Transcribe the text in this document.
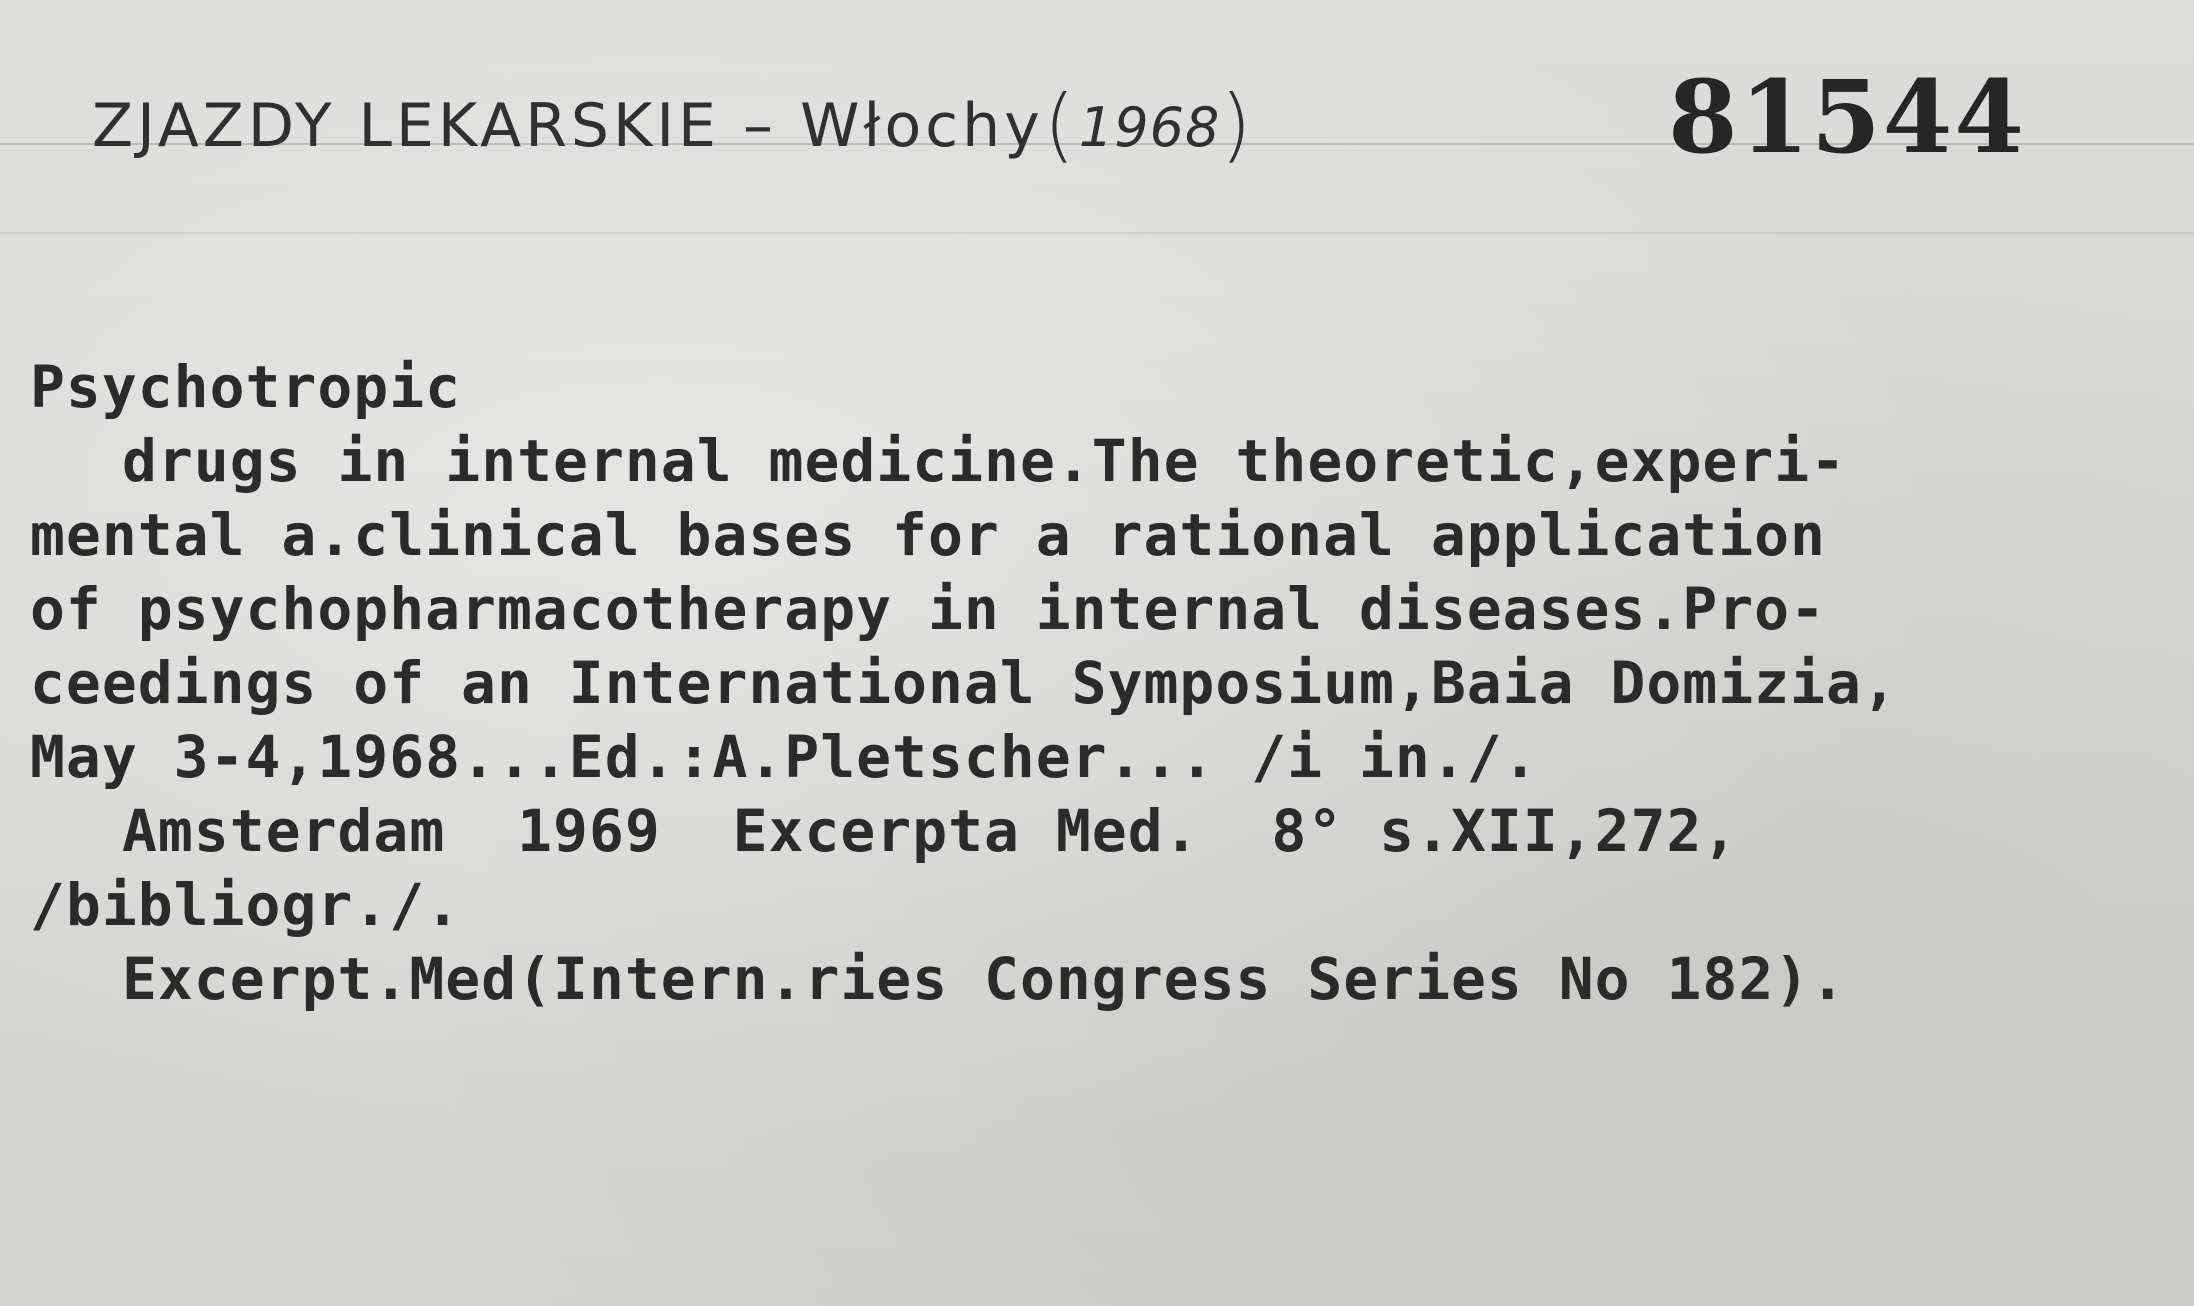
ZJAZDY LEKARSKIE – Włochy(1968)	81544
Psychotropic
drugs in internal medicine.The theoretic,experi-
mental a.clinical bases for a rational application
of psychopharmacotherapy in internal diseases.Pro-
ceedings of an International Symposium,Baia Domizia,
May 3-4,1968...Ed.:A.Pletscher... /i in./.
Amsterdam  1969  Excerpta Med.  8° s.XII,272,
/bibliogr./.
Excerpt.Med(Intern.ries Congress Series No 182).
